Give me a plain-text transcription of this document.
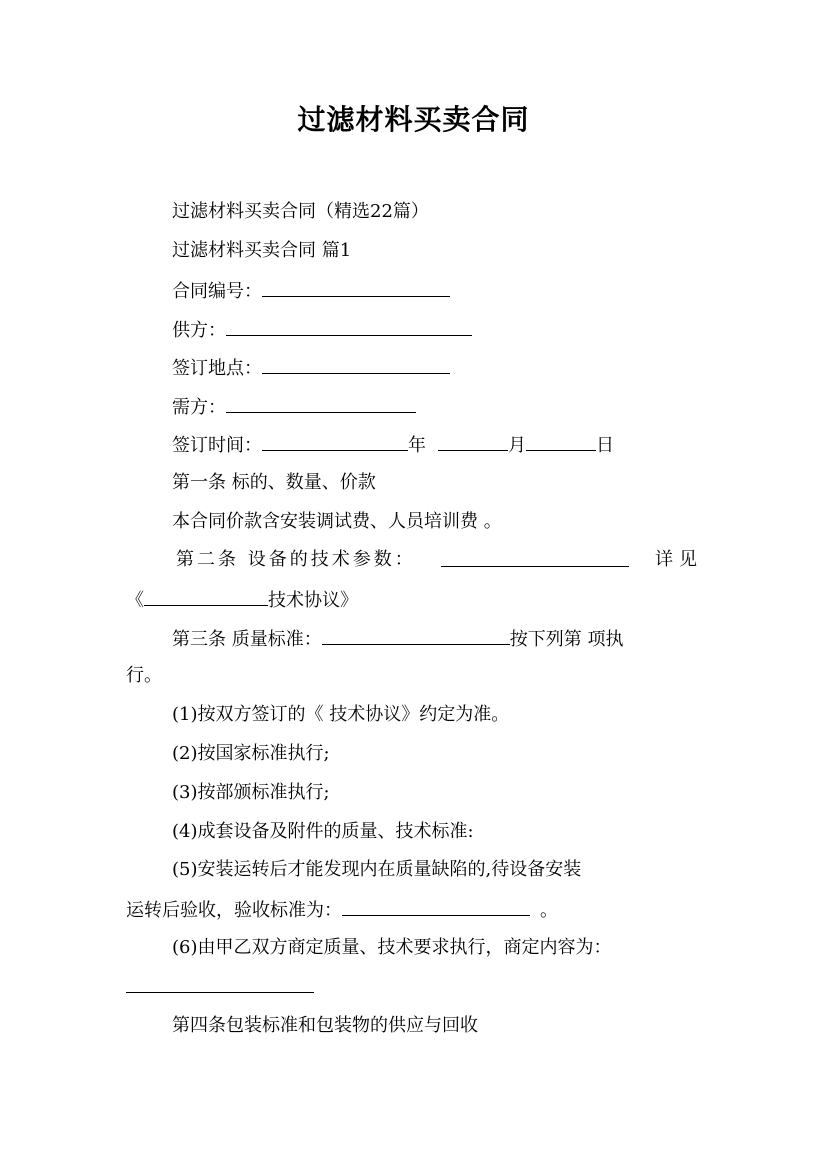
过滤材料买卖合同
过滤材料买卖合同（精选22篇）
过滤材料买卖合同 篇1
合同编号：
供方：
签订地点：
需方：
签订时间：	年	月	日
第一条 标的、数量、价款
本合同价款含安装调试费、人员培训费 。
第二条 设备的技术参数：	详见
《	技术协议》
第三条 质量标准：	按下列第 项执
行。
(1)按双方签订的《 技术协议》约定为准。
(2)按国家标准执行;
(3)按部颁标准执行;
(4)成套设备及附件的质量、技术标准:
(5)安装运转后才能发现内在质量缺陷的,待设备安装
运转后验收，验收标准为：	。
(6)由甲乙双方商定质量、技术要求执行，商定内容为：
第四条包装标准和包装物的供应与回收
